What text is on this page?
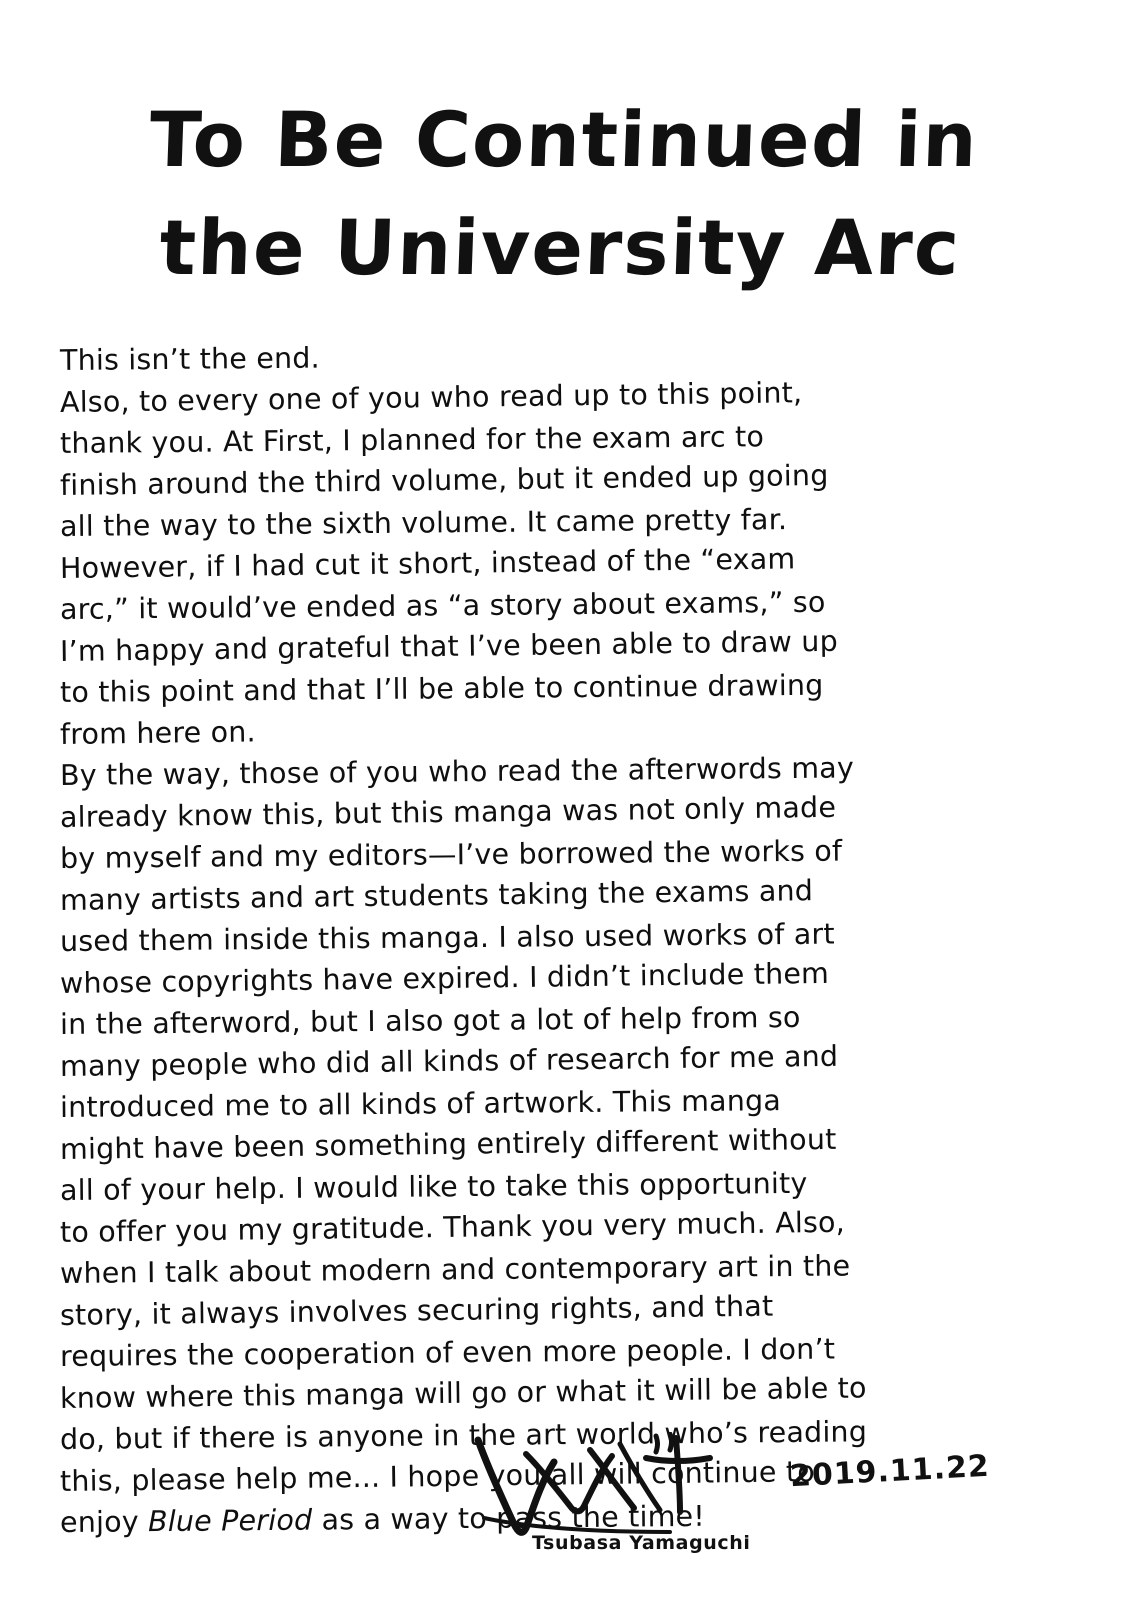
To Be Continued in
the University Arc

This isn’t the end.
Also, to every one of you who read up to this point,
thank you. At First, I planned for the exam arc to
finish around the third volume, but it ended up going
all the way to the sixth volume. It came pretty far.
However, if I had cut it short, instead of the “exam
arc,” it would’ve ended as “a story about exams,” so
I’m happy and grateful that I’ve been able to draw up
to this point and that I’ll be able to continue drawing
from here on.

By the way, those of you who read the afterwords may
already know this, but this manga was not only made
by myself and my editors—I’ve borrowed the works of
many artists and art students taking the exams and
used them inside this manga. I also used works of art
whose copyrights have expired. I didn’t include them
in the afterword, but I also got a lot of help from so
many people who did all kinds of research for me and
introduced me to all kinds of artwork. This manga
might have been something entirely different without
all of your help. I would like to take this opportunity
to offer you my gratitude. Thank you very much. Also,
when I talk about modern and contemporary art in the
story, it always involves securing rights, and that
requires the cooperation of even more people. I don’t
know where this manga will go or what it will be able to
do, but if there is anyone in the art world who’s reading
this, please help me... I hope you all will continue to
enjoy Blue Period as a way to pass the time!

2019.11.22
Tsubasa Yamaguchi
